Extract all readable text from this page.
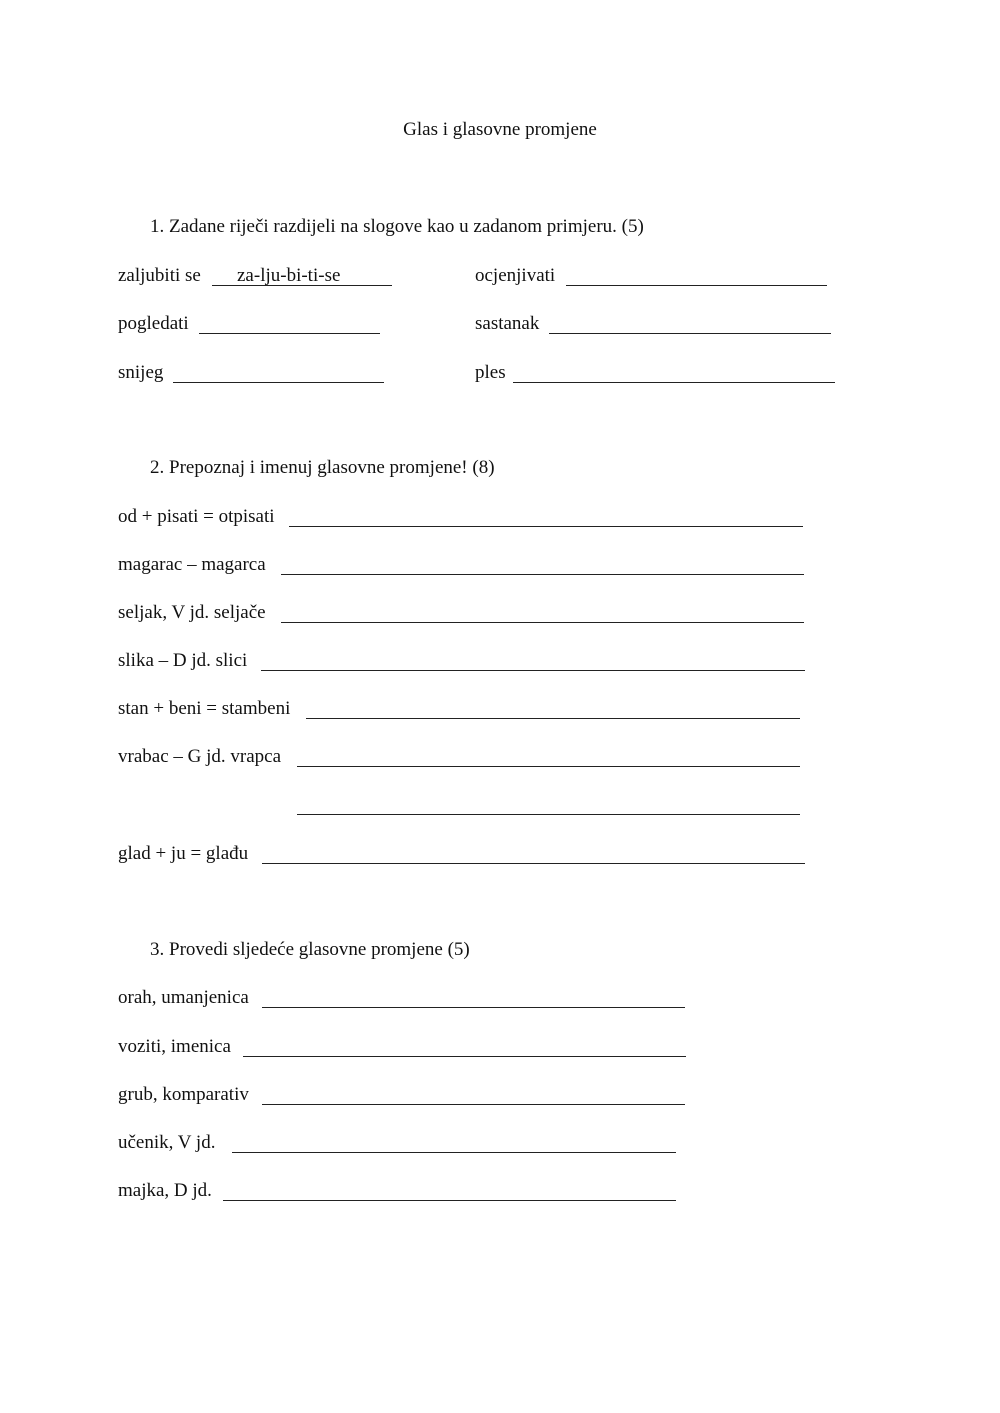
Glas i glasovne promjene
1. Zadane riječi razdijeli na slogove kao u zadanom primjeru. (5)
zaljubiti se za-lju-bi-ti-se	ocjenjivati
pogledati	sastanak
snijeg	ples
2. Prepoznaj i imenuj glasovne promjene! (8)
od + pisati = otpisati
magarac – magarca
seljak, V jd. seljače
slika – D jd. slici
stan + beni = stambeni
vrabac – G jd. vrapca
glad + ju = glađu
3. Provedi sljedeće glasovne promjene (5)
orah, umanjenica
voziti, imenica
grub, komparativ
učenik, V jd.
majka, D jd.
